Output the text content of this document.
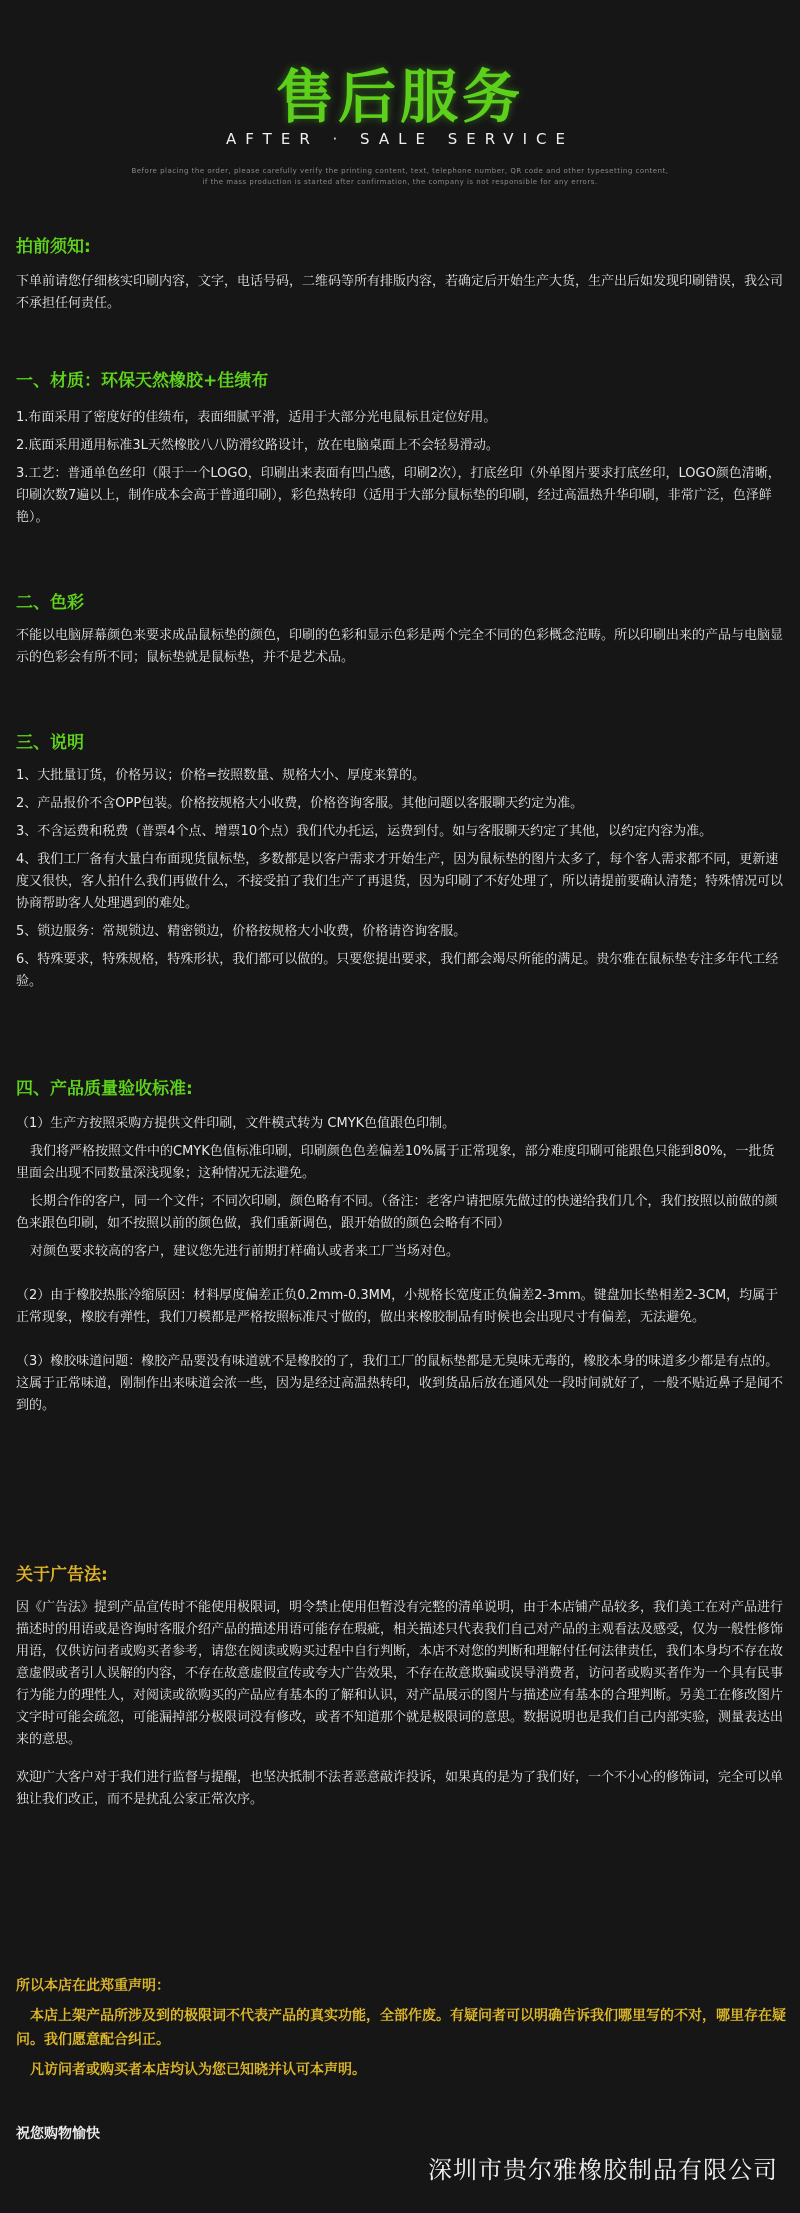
售后服务
AFTER · SALE SERVICE
Before placing the order, please carefully verify the printing content, text, telephone number, QR code and other typesetting content,
if the mass production is started after confirmation, the company is not responsible for any errors.
拍前须知:

下单前请您仔细核实印刷内容，文字，电话号码，二维码等所有排版内容，若确定后开始生产大货，生产出后如发现印刷错误，我公司不承担任何责任。

一、材质：环保天然橡胶+佳绩布

1.布面采用了密度好的佳绩布，表面细腻平滑，适用于大部分光电鼠标且定位好用。

2.底面采用通用标准3L天然橡胶八八防滑纹路设计，放在电脑桌面上不会轻易滑动。

3.工艺：普通单色丝印（限于一个LOGO，印刷出来表面有凹凸感，印刷2次），打底丝印（外单图片要求打底丝印，LOGO颜色清晰，印刷次数7遍以上，制作成本会高于普通印刷），彩色热转印（适用于大部分鼠标垫的印刷，经过高温热升华印刷，非常广泛，色泽鲜艳）。

二、色彩

不能以电脑屏幕颜色来要求成品鼠标垫的颜色，印刷的色彩和显示色彩是两个完全不同的色彩概念范畴。所以印刷出来的产品与电脑显示的色彩会有所不同；鼠标垫就是鼠标垫，并不是艺术品。

三、说明

1、大批量订货，价格另议；价格=按照数量、规格大小、厚度来算的。

2、产品报价不含OPP包装。价格按规格大小收费，价格咨询客服。其他问题以客服聊天约定为准。

3、不含运费和税费（普票4个点、增票10个点）我们代办托运，运费到付。如与客服聊天约定了其他，以约定内容为准。

4、我们工厂备有大量白布面现货鼠标垫，多数都是以客户需求才开始生产，因为鼠标垫的图片太多了，每个客人需求都不同，更新速度又很快，客人拍什么我们再做什么，不接受拍了我们生产了再退货，因为印刷了不好处理了，所以请提前要确认清楚；特殊情况可以协商帮助客人处理遇到的难处。

5、锁边服务：常规锁边、精密锁边，价格按规格大小收费，价格请咨询客服。

6、特殊要求，特殊规格，特殊形状，我们都可以做的。只要您提出要求，我们都会竭尽所能的满足。贵尔雅在鼠标垫专注多年代工经验。

四、产品质量验收标准:

（1）生产方按照采购方提供文件印刷，文件模式转为 CMYK色值跟色印制。

我们将严格按照文件中的CMYK色值标准印刷，印刷颜色色差偏差10%属于正常现象，部分难度印刷可能跟色只能到80%，一批货里面会出现不同数量深浅现象；这种情况无法避免。

长期合作的客户，同一个文件；不同次印刷，颜色略有不同。（备注：老客户请把原先做过的快递给我们几个，我们按照以前做的颜色来跟色印刷，如不按照以前的颜色做，我们重新调色，跟开始做的颜色会略有不同）

对颜色要求较高的客户，建议您先进行前期打样确认或者来工厂当场对色。

（2）由于橡胶热胀冷缩原因：材料厚度偏差正负0.2mm-0.3MM，小规格长宽度正负偏差2-3mm。键盘加长垫相差2-3CM，均属于正常现象，橡胶有弹性，我们刀模都是严格按照标准尺寸做的，做出来橡胶制品有时候也会出现尺寸有偏差，无法避免。

（3）橡胶味道问题：橡胶产品要没有味道就不是橡胶的了，我们工厂的鼠标垫都是无臭味无毒的，橡胶本身的味道多少都是有点的。这属于正常味道，刚制作出来味道会浓一些，因为是经过高温热转印，收到货品后放在通风处一段时间就好了，一般不贴近鼻子是闻不到的。

关于广告法:

因《广告法》提到产品宣传时不能使用极限词，明令禁止使用但暂没有完整的清单说明，由于本店铺产品较多，我们美工在对产品进行描述时的用语或是咨询时客服介绍产品的描述用语可能存在瑕疵，相关描述只代表我们自己对产品的主观看法及感受，仅为一般性修饰用语，仅供访问者或购买者参考，请您在阅读或购买过程中自行判断，本店不对您的判断和理解付任何法律责任，我们本身均不存在故意虚假或者引人误解的内容，不存在故意虚假宣传或夸大广告效果，不存在故意欺骗或误导消费者，访问者或购买者作为一个具有民事行为能力的理性人，对阅读或欲购买的产品应有基本的了解和认识，对产品展示的图片与描述应有基本的合理判断。另美工在修改图片文字时可能会疏忽，可能漏掉部分极限词没有修改，或者不知道那个就是极限词的意思。数据说明也是我们自己内部实验，测量表达出来的意思。

欢迎广大客户对于我们进行监督与提醒，也坚决抵制不法者恶意敲诈投诉，如果真的是为了我们好，一个不小心的修饰词，完全可以单独让我们改正，而不是扰乱公家正常次序。

所以本店在此郑重声明：
本店上架产品所涉及到的极限词不代表产品的真实功能，全部作废。有疑问者可以明确告诉我们哪里写的不对，哪里存在疑问。我们愿意配合纠正。
凡访问者或购买者本店均认为您已知晓并认可本声明。
祝您购物愉快
深圳市贵尔雅橡胶制品有限公司
